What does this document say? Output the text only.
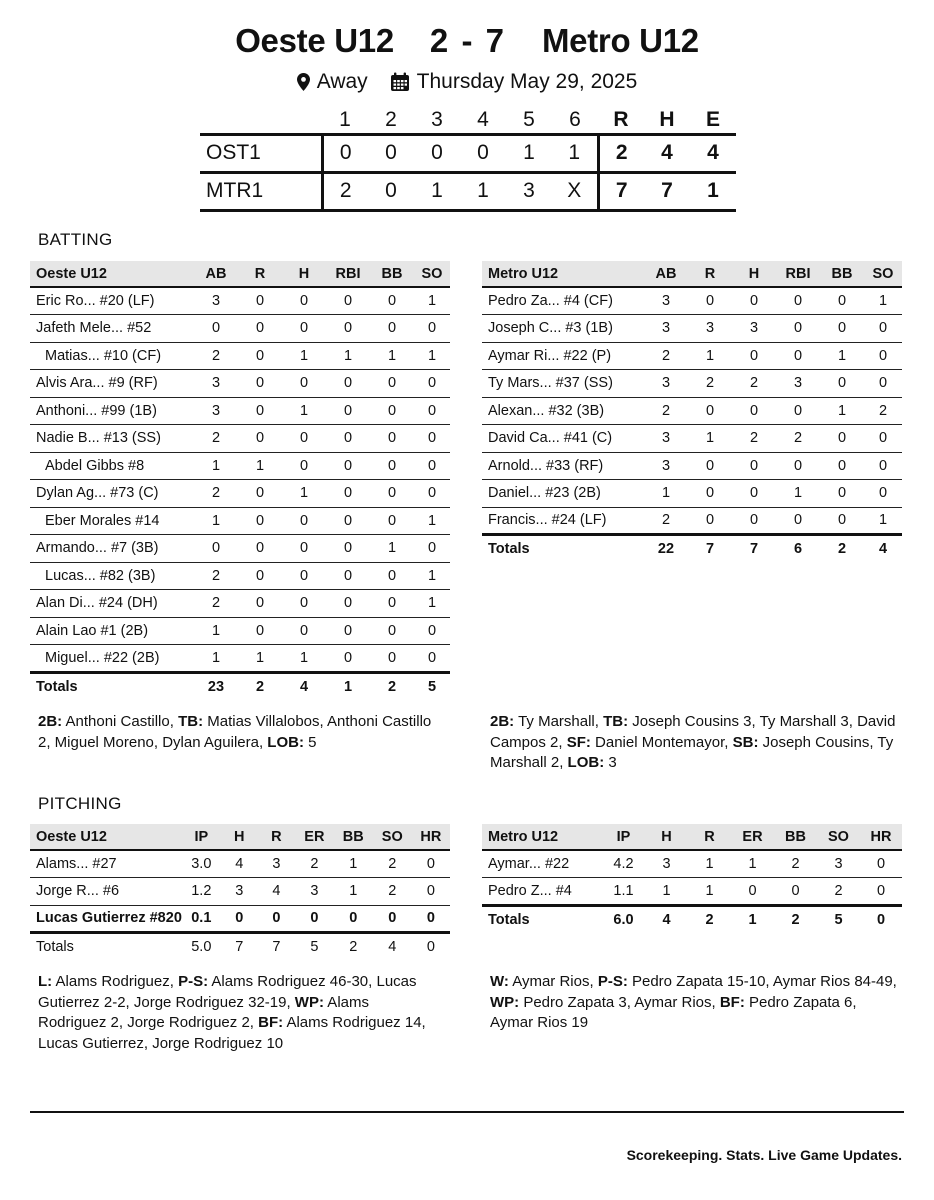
Oeste U12 2 - 7 Metro U12
Away Thursday May 29, 2025
	1	2	3	4	5	6	R	H	E
OST1	0	0	0	0	1	1	2	4	4
MTR1	2	0	1	1	3	X	7	7	1
BATTING
Oeste U12	AB	R	H	RBI	BB	SO
Eric Ro... #20 (LF)	3	0	0	0	0	1
Jafeth Mele... #52	0	0	0	0	0	0
Matias... #10 (CF)	2	0	1	1	1	1
Alvis Ara... #9 (RF)	3	0	0	0	0	0
Anthoni... #99 (1B)	3	0	1	0	0	0
Nadie B... #13 (SS)	2	0	0	0	0	0
Abdel Gibbs #8	1	1	0	0	0	0
Dylan Ag... #73 (C)	2	0	1	0	0	0
Eber Morales #14	1	0	0	0	0	1
Armando... #7 (3B)	0	0	0	0	1	0
Lucas... #82 (3B)	2	0	0	0	0	1
Alan Di... #24 (DH)	2	0	0	0	0	1
Alain Lao #1 (2B)	1	0	0	0	0	0
Miguel... #22 (2B)	1	1	1	0	0	0
Totals	23	2	4	1	2	5
Metro U12	AB	R	H	RBI	BB	SO
Pedro Za... #4 (CF)	3	0	0	0	0	1
Joseph C... #3 (1B)	3	3	3	0	0	0
Aymar Ri... #22 (P)	2	1	0	0	1	0
Ty Mars... #37 (SS)	3	2	2	3	0	0
Alexan... #32 (3B)	2	0	0	0	1	2
David Ca... #41 (C)	3	1	2	2	0	0
Arnold... #33 (RF)	3	0	0	0	0	0
Daniel... #23 (2B)	1	0	0	1	0	0
Francis... #24 (LF)	2	0	0	0	0	1
Totals	22	7	7	6	2	4
2B: Anthoni Castillo, TB: Matias Villalobos, Anthoni Castillo 2, Miguel Moreno, Dylan Aguilera, LOB: 5
2B: Ty Marshall, TB: Joseph Cousins 3, Ty Marshall 3, David Campos 2, SF: Daniel Montemayor, SB: Joseph Cousins, Ty Marshall 2, LOB: 3
PITCHING
Oeste U12	IP	H	R	ER	BB	SO	HR
Alams... #27	3.0	4	3	2	1	2	0
Jorge R... #6	1.2	3	4	3	1	2	0
Lucas Gutierrez #820	0.1	0	0	0	0	0	0
Totals	5.0	7	7	5	2	4	0
Metro U12	IP	H	R	ER	BB	SO	HR
Aymar... #22	4.2	3	1	1	2	3	0
Pedro Z... #4	1.1	1	1	0	0	2	0
Totals	6.0	4	2	1	2	5	0
L: Alams Rodriguez, P-S: Alams Rodriguez 46-30, Lucas Gutierrez 2-2, Jorge Rodriguez 32-19, WP: Alams Rodriguez 2, Jorge Rodriguez 2, BF: Alams Rodriguez 14, Lucas Gutierrez, Jorge Rodriguez 10
W: Aymar Rios, P-S: Pedro Zapata 15-10, Aymar Rios 84-49, WP: Pedro Zapata 3, Aymar Rios, BF: Pedro Zapata 6, Aymar Rios 19
Scorekeeping. Stats. Live Game Updates.
